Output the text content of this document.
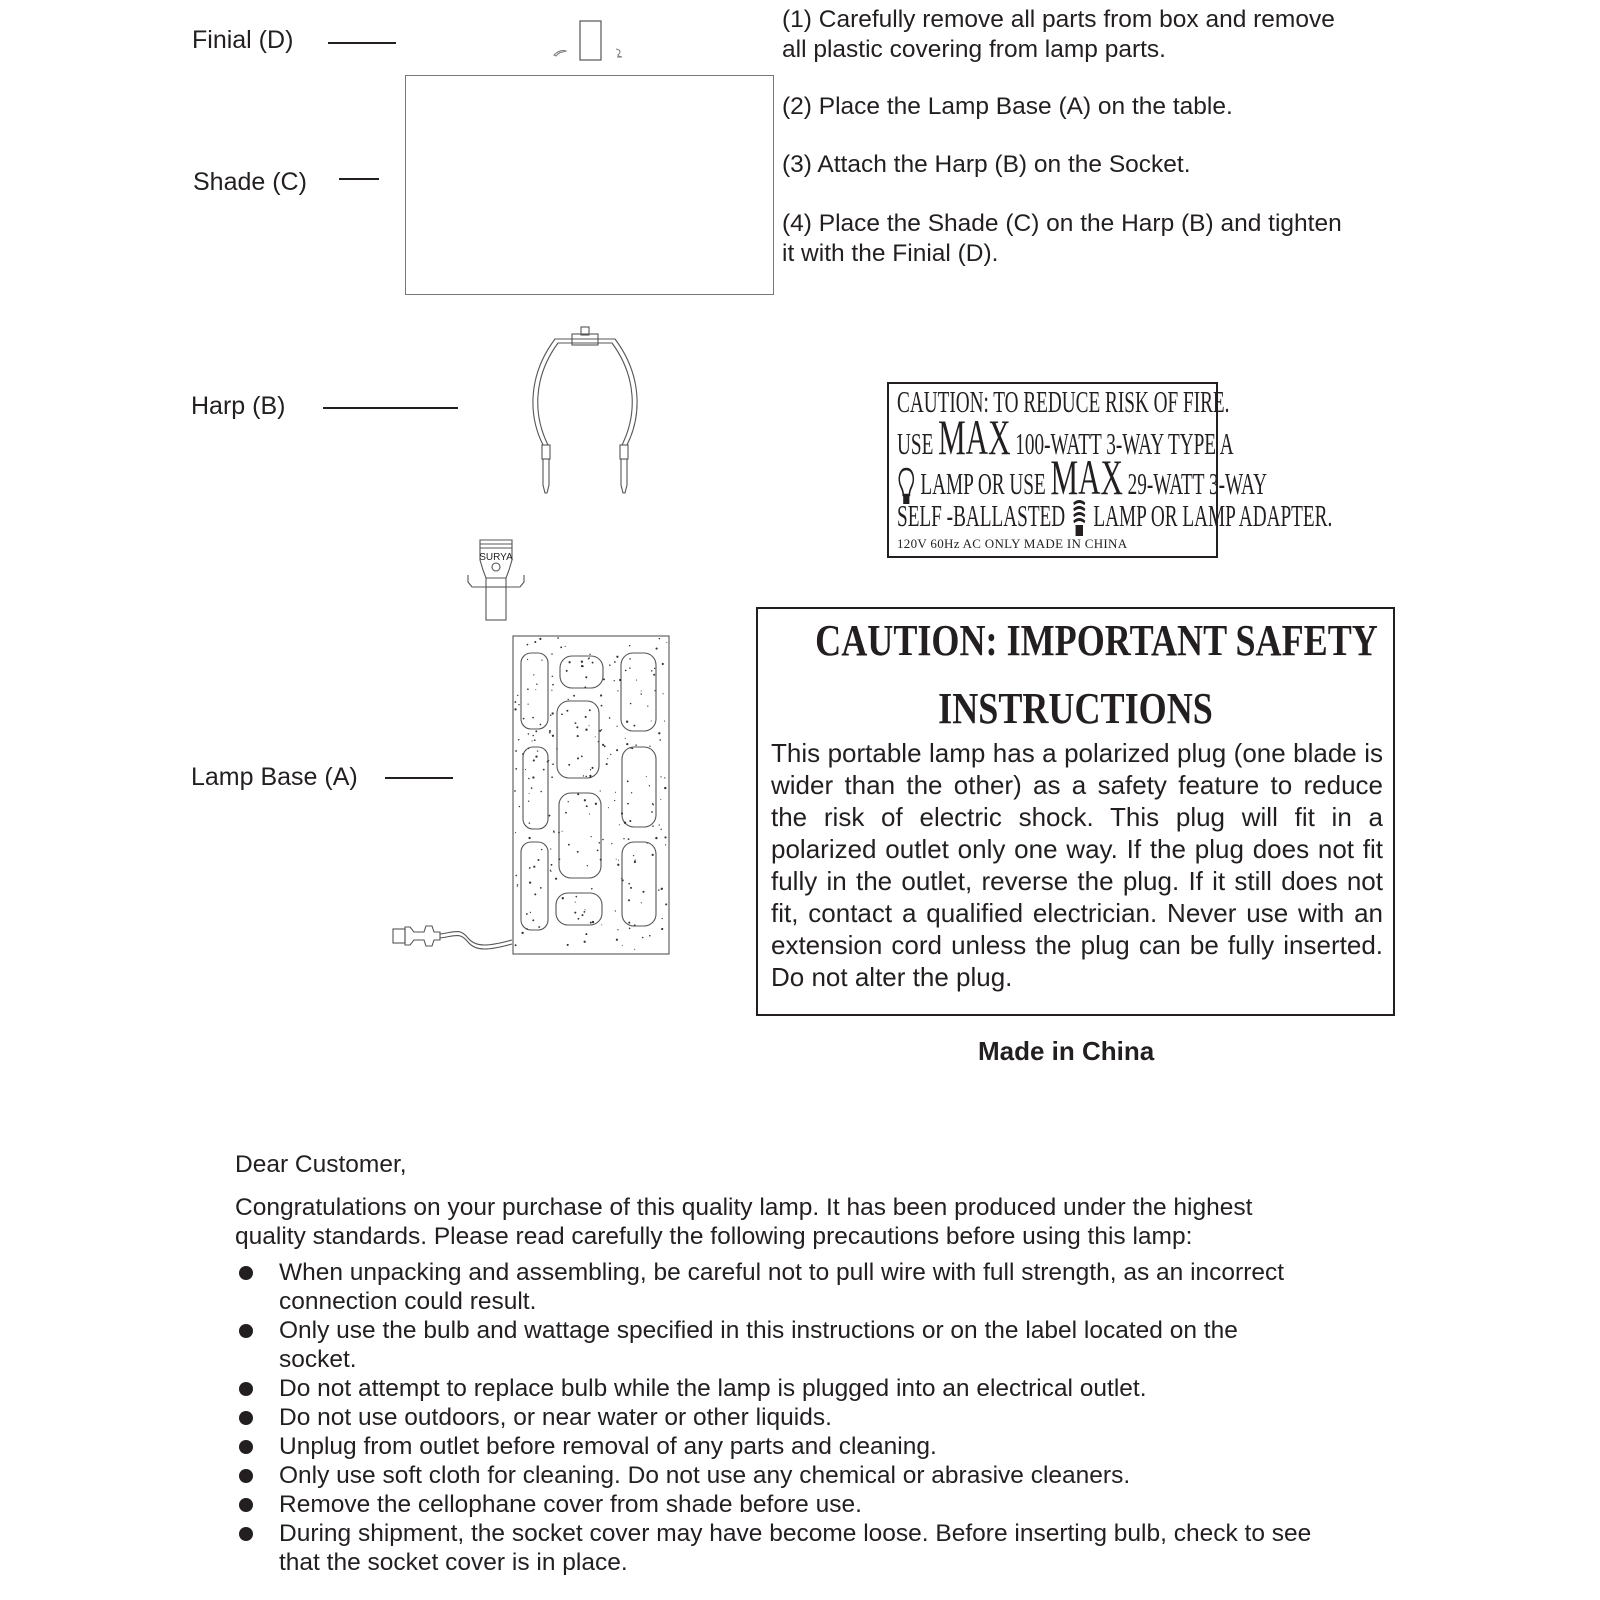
Finial (D)
Shade (C)
Harp (B)
Lamp Base (A)
(1) Carefully remove all parts from box and remove
all plastic covering from lamp parts.
(2) Place the Lamp Base (A) on the table.
(3) Attach the Harp (B) on the Socket.
(4) Place the Shade (C) on the Harp (B) and tighten
it with the Finial (D).
CAUTION: TO REDUCE RISK OF FIRE.
USE MAX 100-WATT 3-WAY TYPE A
LAMP OR USE MAX 29-WATT 3-WAY
SELF -BALLASTED LAMP OR LAMP ADAPTER.
120V 60Hz AC ONLY MADE IN CHINA
SURYA
CAUTION: IMPORTANT SAFETY
INSTRUCTIONS
This portable lamp has a polarized plug (one blade is wider than the other) as a safety feature to reduce the risk of electric shock. This plug will fit in a polarized outlet only one way. If the plug does not fit fully in the outlet, reverse the plug. If it still does not fit, contact a qualified electrician. Never use with an extension cord unless the plug can be fully inserted. Do not alter the plug.
Made in China
Dear Customer,
Congratulations on your purchase of this quality lamp. It has been produced under the highest
quality standards. Please read carefully the following precautions before using this lamp:
When unpacking and assembling, be careful not to pull wire with full strength, as an incorrect
connection could result.
Only use the bulb and wattage specified in this instructions or on the label located on the
socket.
Do not attempt to replace bulb while the lamp is plugged into an electrical outlet.
Do not use outdoors, or near water or other liquids.
Unplug from outlet before removal of any parts and cleaning.
Only use soft cloth for cleaning. Do not use any chemical or abrasive cleaners.
Remove the cellophane cover from shade before use.
During shipment, the socket cover may have become loose. Before inserting bulb, check to see
that the socket cover is in place.
